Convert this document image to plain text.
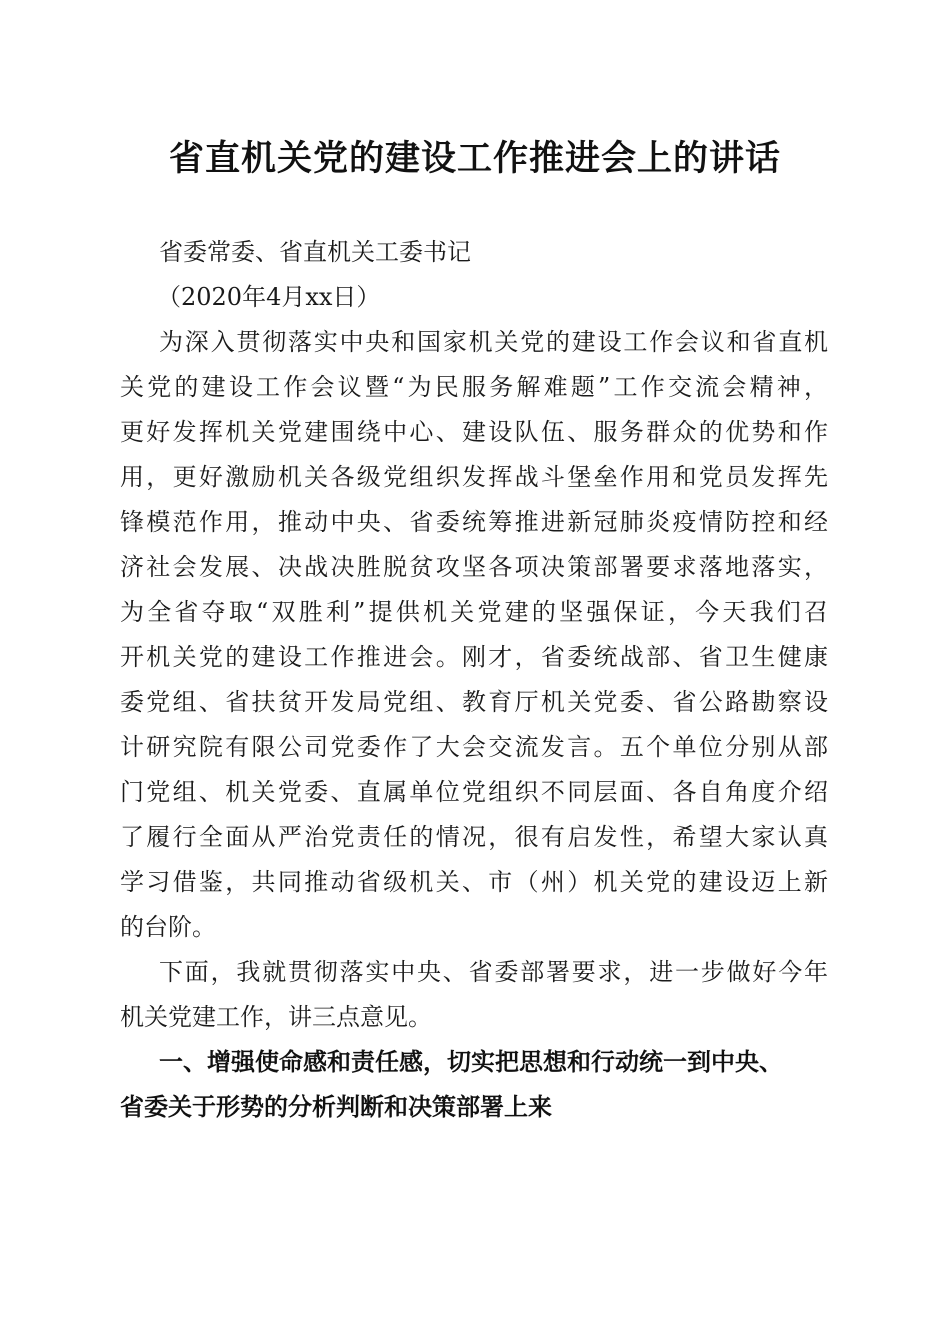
省直机关党的建设工作推进会上的讲话

省委常委、省直机关工委书记

（2020年4月xx日）

为深入贯彻落实中央和国家机关党的建设工作会议和省直机

关党的建设工作会议暨“为民服务解难题”工作交流会精神，

更好发挥机关党建围绕中心、建设队伍、服务群众的优势和作

用，更好激励机关各级党组织发挥战斗堡垒作用和党员发挥先

锋模范作用，推动中央、省委统筹推进新冠肺炎疫情防控和经

济社会发展、决战决胜脱贫攻坚各项决策部署要求落地落实，

为全省夺取“双胜利”提供机关党建的坚强保证，今天我们召

开机关党的建设工作推进会。刚才，省委统战部、省卫生健康

委党组、省扶贫开发局党组、教育厅机关党委、省公路勘察设

计研究院有限公司党委作了大会交流发言。五个单位分别从部

门党组、机关党委、直属单位党组织不同层面、各自角度介绍

了履行全面从严治党责任的情况，很有启发性，希望大家认真

学习借鉴，共同推动省级机关、市（州）机关党的建设迈上新

的台阶。

下面，我就贯彻落实中央、省委部署要求，进一步做好今年

机关党建工作，讲三点意见。

一、增强使命感和责任感，切实把思想和行动统一到中央、

省委关于形势的分析判断和决策部署上来
